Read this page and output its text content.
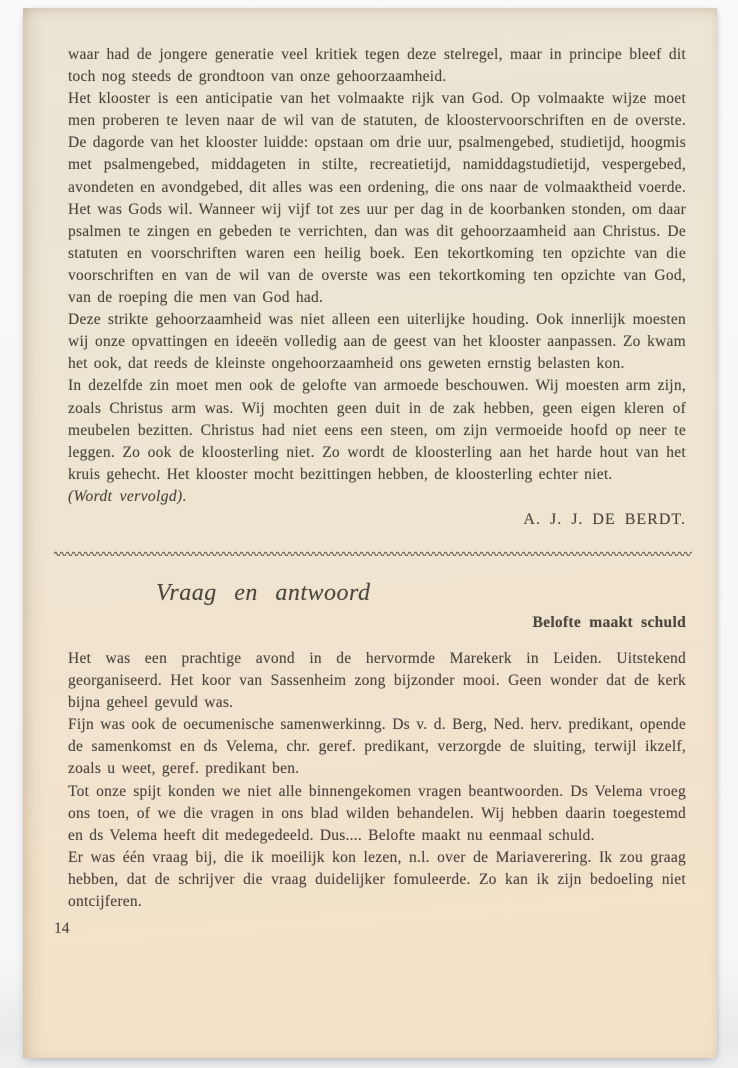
waar had de jongere generatie veel kritiek tegen deze stelregel, maar in principe bleef dit toch nog steeds de grondtoon van onze gehoorzaamheid.

Het klooster is een anticipatie van het volmaakte rijk van God. Op volmaakte wijze moet men proberen te leven naar de wil van de statuten, de kloostervoorschriften en de overste. De dagorde van het klooster luidde: opstaan om drie uur, psalmengebed, studietijd, hoogmis met psalmengebed, middageten in stilte, recreatietijd, namiddagstudietijd, vespergebed, avondeten en avondgebed, dit alles was een ordening, die ons naar de volmaaktheid voerde. Het was Gods wil. Wanneer wij vijf tot zes uur per dag in de koorbanken stonden, om daar psalmen te zingen en gebeden te verrichten, dan was dit gehoorzaamheid aan Christus. De statuten en voorschriften waren een heilig boek. Een tekortkoming ten opzichte van die voorschriften en van de wil van de overste was een tekortkoming ten opzichte van God, van de roeping die men van God had.

Deze strikte gehoorzaamheid was niet alleen een uiterlijke houding. Ook innerlijk moesten wij onze opvattingen en ideeën volledig aan de geest van het klooster aanpassen. Zo kwam het ook, dat reeds de kleinste ongehoorzaamheid ons geweten ernstig belasten kon.

In dezelfde zin moet men ook de gelofte van armoede beschouwen. Wij moesten arm zijn, zoals Christus arm was. Wij mochten geen duit in de zak hebben, geen eigen kleren of meubelen bezitten. Christus had niet eens een steen, om zijn vermoeide hoofd op neer te leggen. Zo ook de kloosterling niet. Zo wordt de kloosterling aan het harde hout van het kruis gehecht. Het klooster mocht bezittingen hebben, de kloosterling echter niet.

(Wordt vervolgd).

A. J. J. DE BERDT.

Vraag en antwoord
Belofte maakt schuld

Het was een prachtige avond in de hervormde Marekerk in Leiden. Uitstekend georganiseerd. Het koor van Sassenheim zong bijzonder mooi. Geen wonder dat de kerk bijna geheel gevuld was.

Fijn was ook de oecumenische samenwerkinng. Ds v. d. Berg, Ned. herv. predikant, opende de samenkomst en ds Velema, chr. geref. predikant, verzorgde de sluiting, terwijl ikzelf, zoals u weet, geref. predikant ben.

Tot onze spijt konden we niet alle binnengekomen vragen beantwoorden. Ds Velema vroeg ons toen, of we die vragen in ons blad wilden behandelen. Wij hebben daarin toegestemd en ds Velema heeft dit medegedeeld. Dus.... Belofte maakt nu eenmaal schuld.

Er was één vraag bij, die ik moeilijk kon lezen, n.l. over de Mariaverering. Ik zou graag hebben, dat de schrijver die vraag duidelijker fomuleerde. Zo kan ik zijn bedoeling niet ontcijferen.

14
